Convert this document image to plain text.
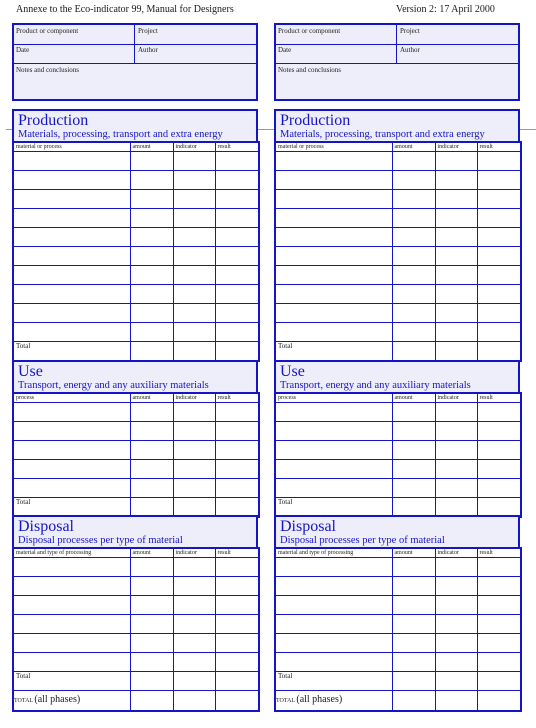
Annexe to the Eco-indicator 99, Manual for Designers	Version 2: 17 April 2000
Product or component	Project
Date	Author
Notes and conclusions
Production
Materials, processing, transport and extra energy
material or process	amount	indicator	result

Total			
Use
Transport, energy and any auxiliary materials
process	amount	indicator	result

Total			
Disposal
Disposal processes per type of material
material and type of processing	amount	indicator	result

Total			
TOTAL (all phases)			
Product or component	Project
Date	Author
Notes and conclusions
Production
Materials, processing, transport and extra energy
material or process	amount	indicator	result

Total			
Use
Transport, energy and any auxiliary materials
process	amount	indicator	result

Total			
Disposal
Disposal processes per type of material
material and type of processing	amount	indicator	result

Total			
TOTAL (all phases)			
